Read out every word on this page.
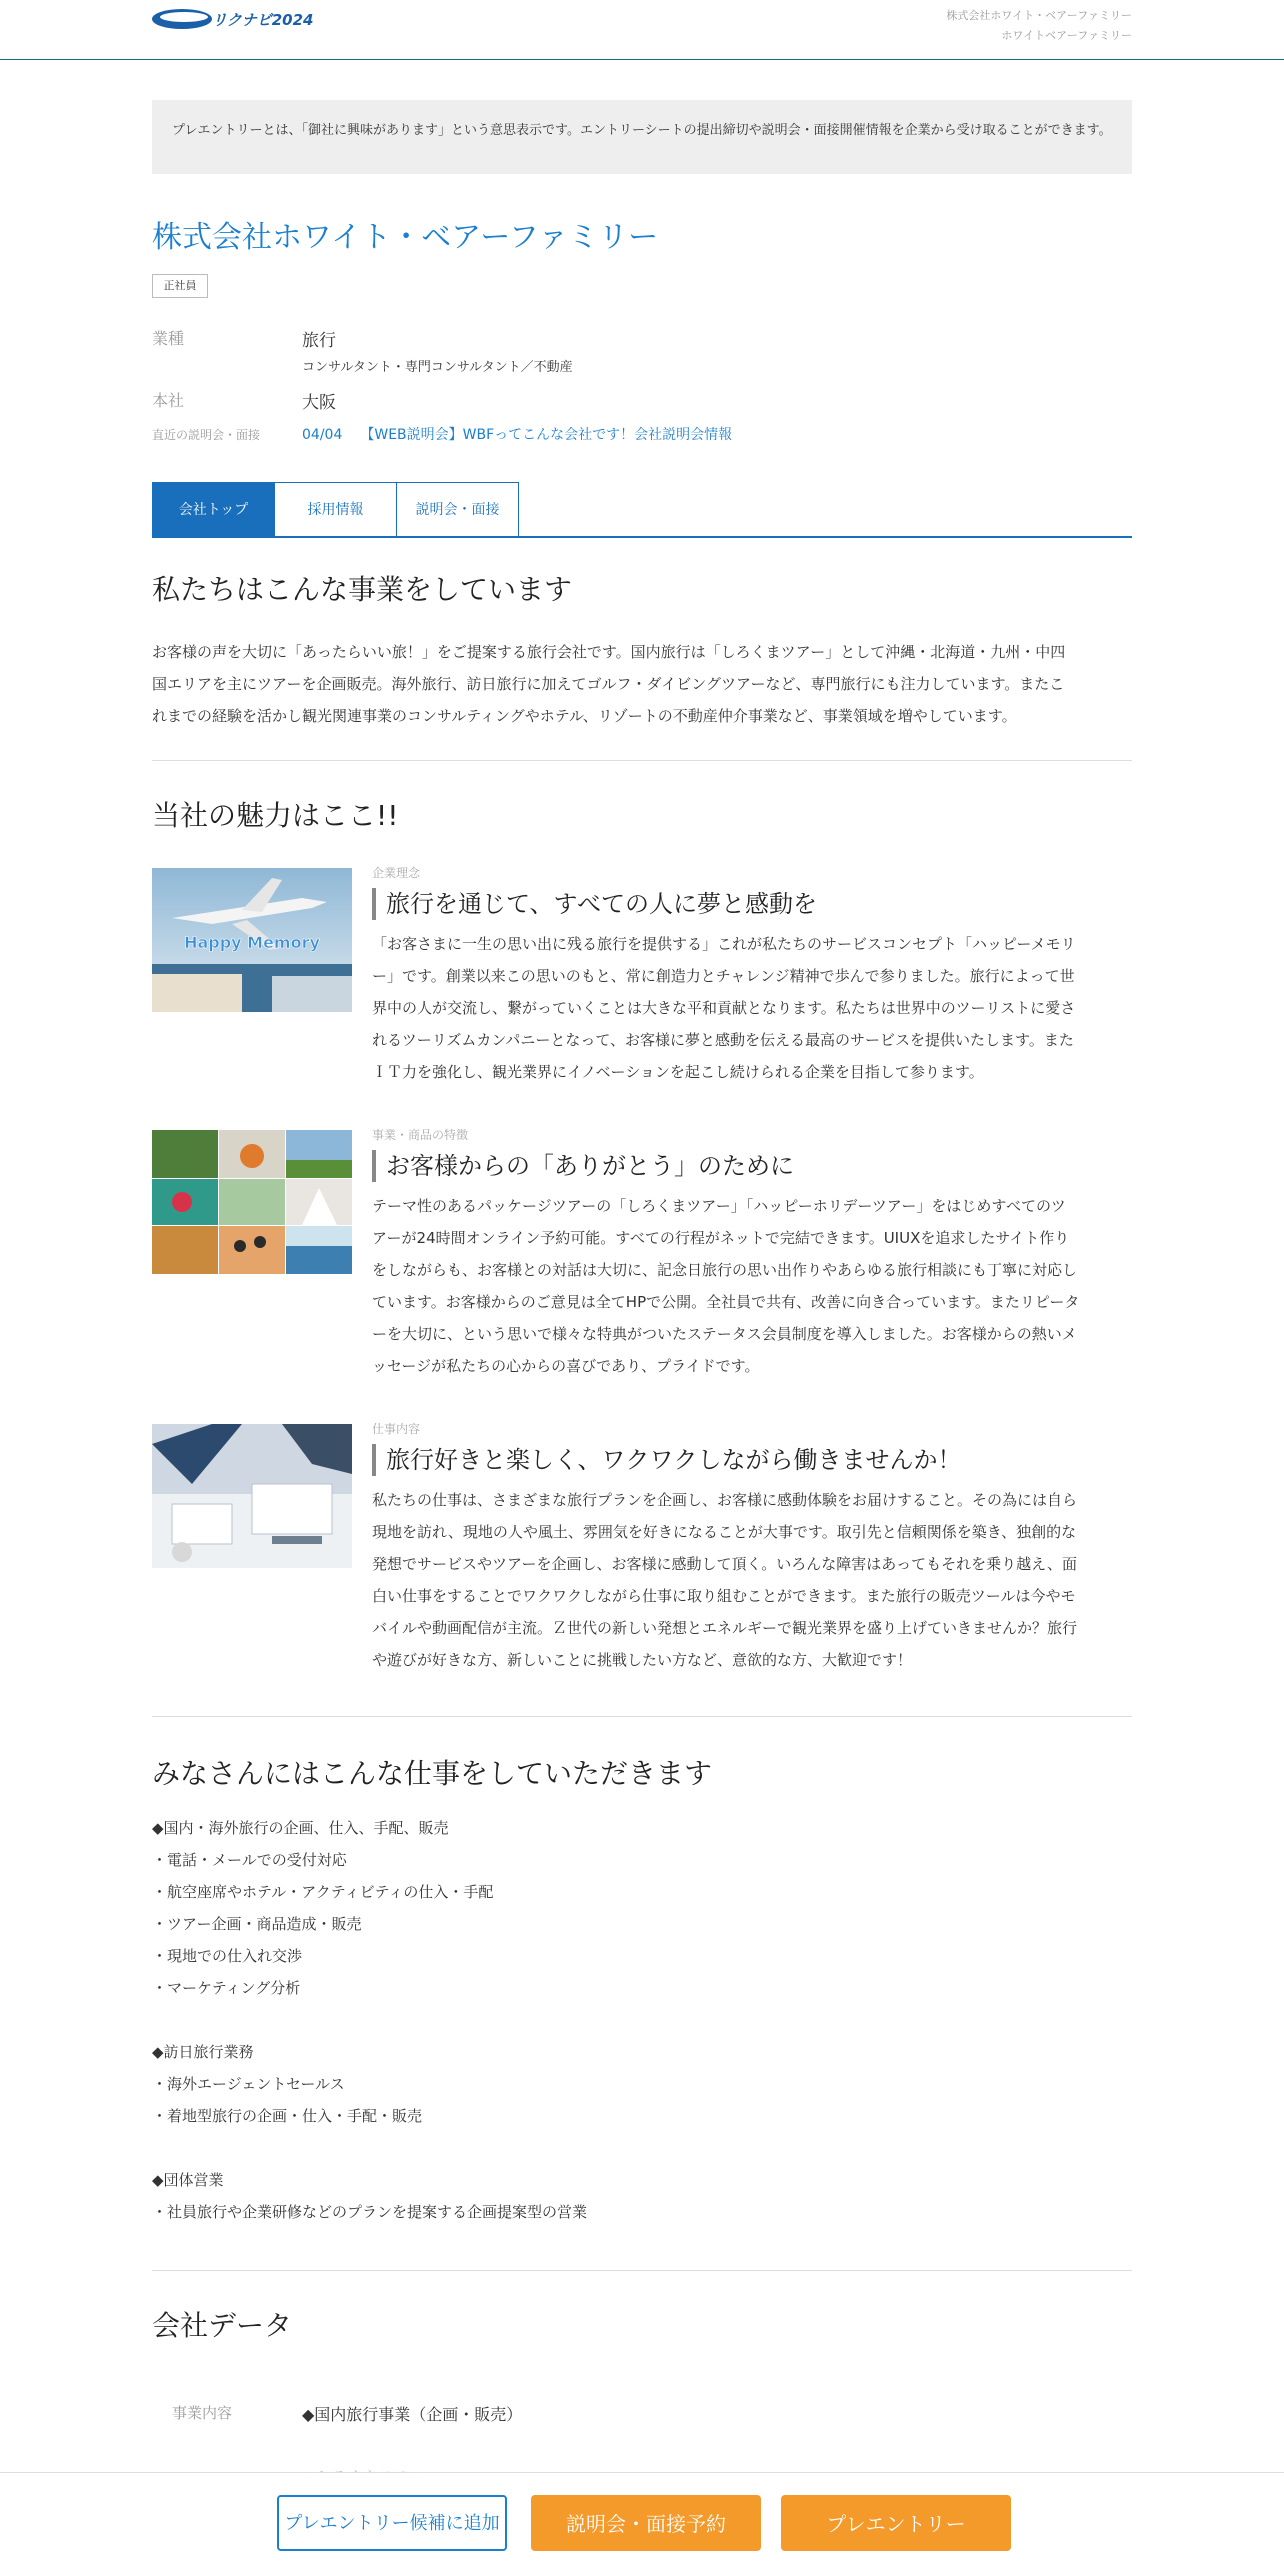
リクナビ2024	株式会社ホワイト・ベアーファミリー
ホワイトベアーファミリー
プレエントリーとは、「御社に興味があります」という意思表示です。エントリーシートの提出締切や説明会・面接開催情報を企業から受け取ることができます。
株式会社ホワイト・ベアーファミリー
正社員
業種	旅行
コンサルタント・専門コンサルタント／不動産
本社	大阪
直近の説明会・面接	04/04 【WEB説明会】WBFってこんな会社です！会社説明会情報
会社トップ	採用情報	説明会・面接
私たちはこんな事業をしています
お客様の声を大切に「あったらいい旅！」をご提案する旅行会社です。国内旅行は「しろくまツアー」として沖縄・北海道・九州・中四
国エリアを主にツアーを企画販売。海外旅行、訪日旅行に加えてゴルフ・ダイビングツアーなど、専門旅行にも注力しています。またこ
れまでの経験を活かし観光関連事業のコンサルティングやホテル、リゾートの不動産仲介事業など、事業領域を増やしています。
当社の魅力はここ!!
Happy Memory
企業理念
旅行を通じて、すべての人に夢と感動を
「お客さまに一生の思い出に残る旅行を提供する」これが私たちのサービスコンセプト「ハッピーメモリ
ー」です。創業以来この思いのもと、常に創造力とチャレンジ精神で歩んで参りました。旅行によって世
界中の人が交流し、繋がっていくことは大きな平和貢献となります。私たちは世界中のツーリストに愛さ
れるツーリズムカンパニーとなって、お客様に夢と感動を伝える最高のサービスを提供いたします。また
ＩＴ力を強化し、観光業界にイノベーションを起こし続けられる企業を目指して参ります。
事業・商品の特徴
お客様からの「ありがとう」のために
テーマ性のあるパッケージツアーの「しろくまツアー」「ハッピーホリデーツアー」をはじめすべてのツ
アーが24時間オンライン予約可能。すべての行程がネットで完結できます。UIUXを追求したサイト作り
をしながらも、お客様との対話は大切に、記念日旅行の思い出作りやあらゆる旅行相談にも丁寧に対応し
ています。お客様からのご意見は全てHPで公開。全社員で共有、改善に向き合っています。またリピータ
ーを大切に、という思いで様々な特典がついたステータス会員制度を導入しました。お客様からの熱いメ
ッセージが私たちの心からの喜びであり、プライドです。
仕事内容
旅行好きと楽しく、ワクワクしながら働きませんか！
私たちの仕事は、さまざまな旅行プランを企画し、お客様に感動体験をお届けすること。その為には自ら
現地を訪れ、現地の人や風土、雰囲気を好きになることが大事です。取引先と信頼関係を築き、独創的な
発想でサービスやツアーを企画し、お客様に感動して頂く。いろんな障害はあってもそれを乗り越え、面
白い仕事をすることでワクワクしながら仕事に取り組むことができます。また旅行の販売ツールは今やモ
バイルや動画配信が主流。Ｚ世代の新しい発想とエネルギーで観光業界を盛り上げていきませんか？旅行
や遊びが好きな方、新しいことに挑戦したい方など、意欲的な方、大歓迎です！
みなさんにはこんな仕事をしていただきます
◆国内・海外旅行の企画、仕入、手配、販売
・電話・メールでの受付対応
・航空座席やホテル・アクティビティの仕入・手配
・ツアー企画・商品造成・販売
・現地での仕入れ交渉
・マーケティング分析
◆訪日旅行業務
・海外エージェントセールス
・着地型旅行の企画・仕入・手配・販売
◆団体営業
・社員旅行や企業研修などのプランを提案する企画提案型の営業
会社データ
事業内容	◆国内旅行事業（企画・販売）
プレエントリー候補に追加	説明会・面接予約	プレエントリー
